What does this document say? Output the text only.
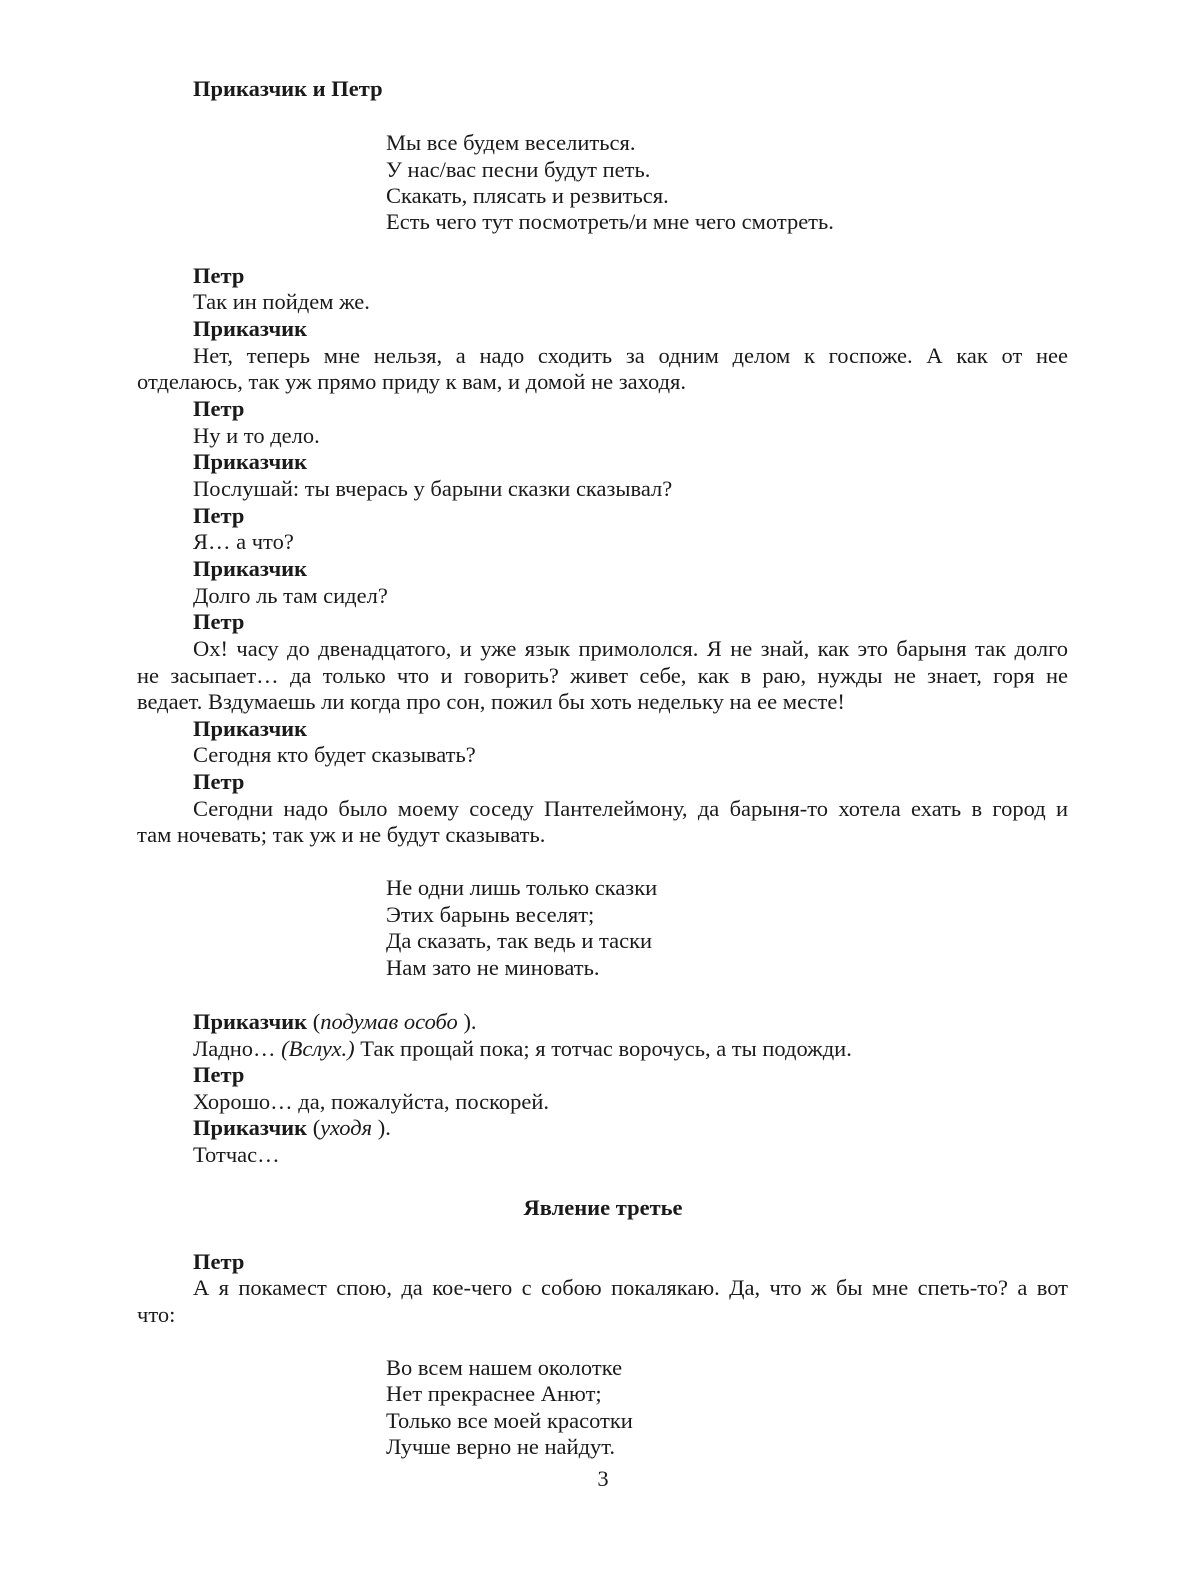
Приказчик и Петр
Мы все будем веселиться.
У нас/вас песни будут петь.
Скакать, плясать и резвиться.
Есть чего тут посмотреть/и мне чего смотреть.
Петр
Так ин пойдем же.
Приказчик
Нет, теперь мне нельзя, а надо сходить за одним делом к госпоже. А как от нее
отделаюсь, так уж прямо приду к вам, и домой не заходя.
Петр
Ну и то дело.
Приказчик
Послушай: ты вчерась у барыни сказки сказывал?
Петр
Я… а что?
Приказчик
Долго ль там сидел?
Петр
Ох! часу до двенадцатого, и уже язык примололся. Я не знай, как это барыня так долго
не засыпает… да только что и говорить? живет себе, как в раю, нужды не знает, горя не
ведает. Вздумаешь ли когда про сон, пожил бы хоть недельку на ее месте!
Приказчик
Сегодня кто будет сказывать?
Петр
Сегодни надо было моему соседу Пантелеймону, да барыня-то хотела ехать в город и
там ночевать; так уж и не будут сказывать.
Не одни лишь только сказки
Этих барынь веселят;
Да сказать, так ведь и таски
Нам зато не миновать.
Приказчик (подумав особо ).
Ладно… (Вслух.) Так прощай пока; я тотчас ворочусь, а ты подожди.
Петр
Хорошо… да, пожалуйста, поскорей.
Приказчик (уходя ).
Тотчас…
Явление третье
Петр
А я покамест спою, да кое-чего с собою покалякаю. Да, что ж бы мне спеть-то? а вот
что:
Во всем нашем околотке
Нет прекраснее Анют;
Только все моей красотки
Лучше верно не найдут.
3
